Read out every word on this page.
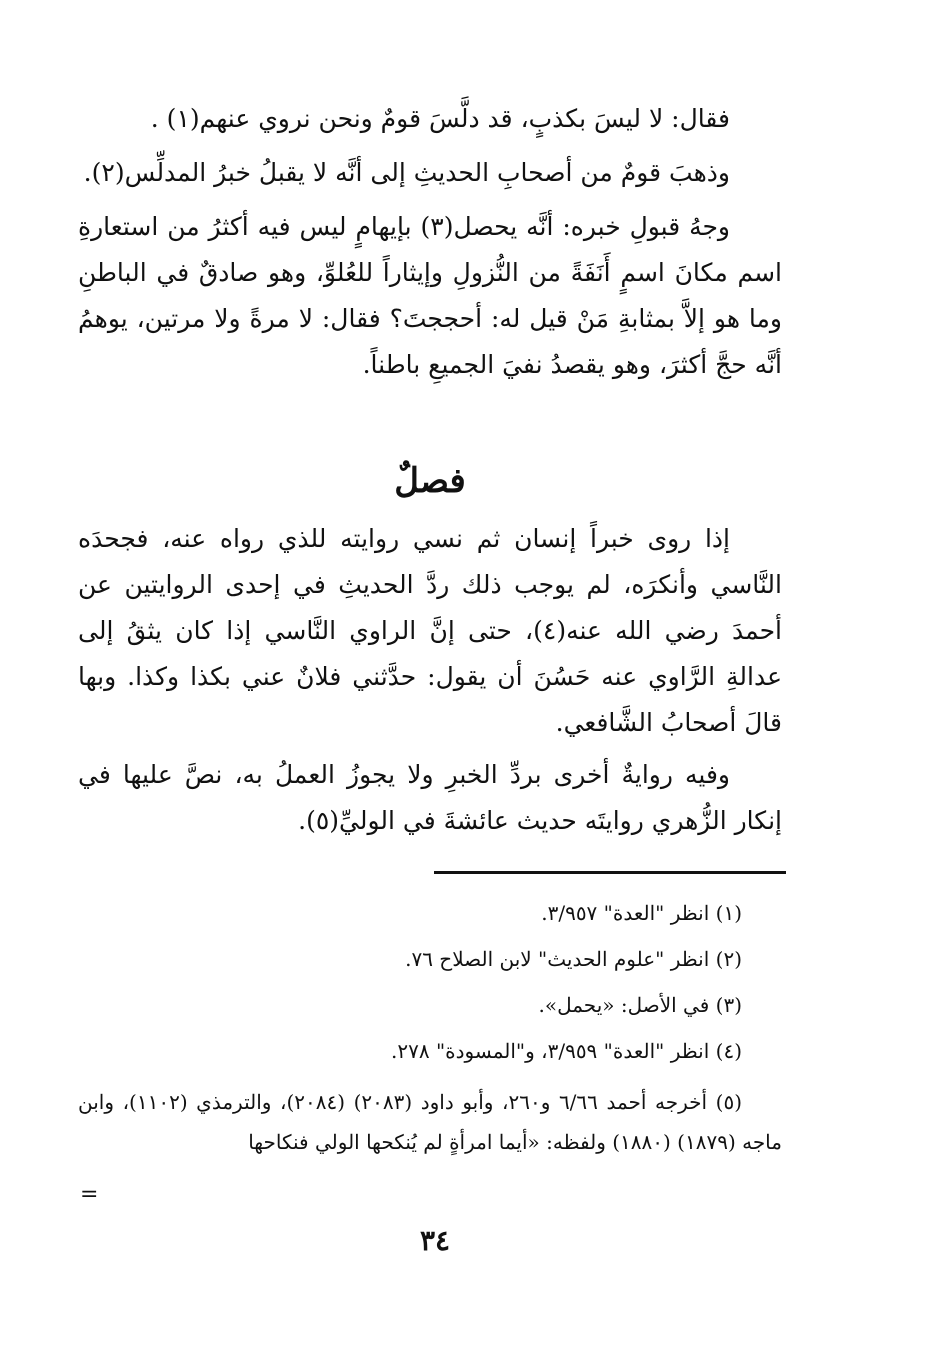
فقال: لا ليسَ بكذبٍ، قد دلَّسَ قومٌ ونحن نروي عنهم(١) .

وذهبَ قومٌ من أصحابِ الحديثِ إلى أنَّه لا يقبلُ خبرُ المدلِّس(٢).

وجهُ قبولِ خبره: أنَّه يحصل(٣) بإيهامٍ ليس فيه أكثرُ من استعارةِ اسم مكانَ اسمٍ أَنَفَةً من النُّزولِ وإيثاراً للعُلوِّ، وهو صادقٌ في الباطنِ وما هو إلاَّ بمثابةِ مَنْ قيل له: أحججتَ؟ فقال: لا مرةً ولا مرتين، يوهمُ أنَّه حجَّ أكثرَ، وهو يقصدُ نفيَ الجميعِ باطناً.

فصلٌ

إذا روى خبراً إنسان ثم نسي روايته للذي رواه عنه، فجحدَه النَّاسي وأنكرَه، لم يوجب ذلك ردَّ الحديثِ في إحدى الروايتين عن أحمدَ رضي الله عنه(٤)، حتى إنَّ الراوي النَّاسي إذا كان يثقُ إلى عدالةِ الرَّاوي عنه حَسُنَ أن يقول: حدَّثني فلانٌ عني بكذا وكذا. وبها قالَ أصحابُ الشَّافعي.

وفيه روايةٌ أخرى بردِّ الخبرِ ولا يجوزُ العملُ به، نصَّ عليها في إنكار الزُّهري روايتَه حديث عائشةَ في الوليِّ(٥).

(١) انظر "العدة" ٣/٩٥٧.

(٢) انظر "علوم الحديث" لابن الصلاح ٧٦.

(٣) في الأصل: «يحمل».

(٤) انظر "العدة" ٣/٩٥٩، و"المسودة" ٢٧٨.

(٥) أخرجه أحمد ٦/٦٦ و٢٦٠، وأبو داود (٢٠٨٣) (٢٠٨٤)، والترمذي (١١٠٢)، وابن ماجه (١٨٧٩) (١٨٨٠) ولفظه: «أيما امرأةٍ لم يُنكحها الولي فنكاحها

=
٣٤
